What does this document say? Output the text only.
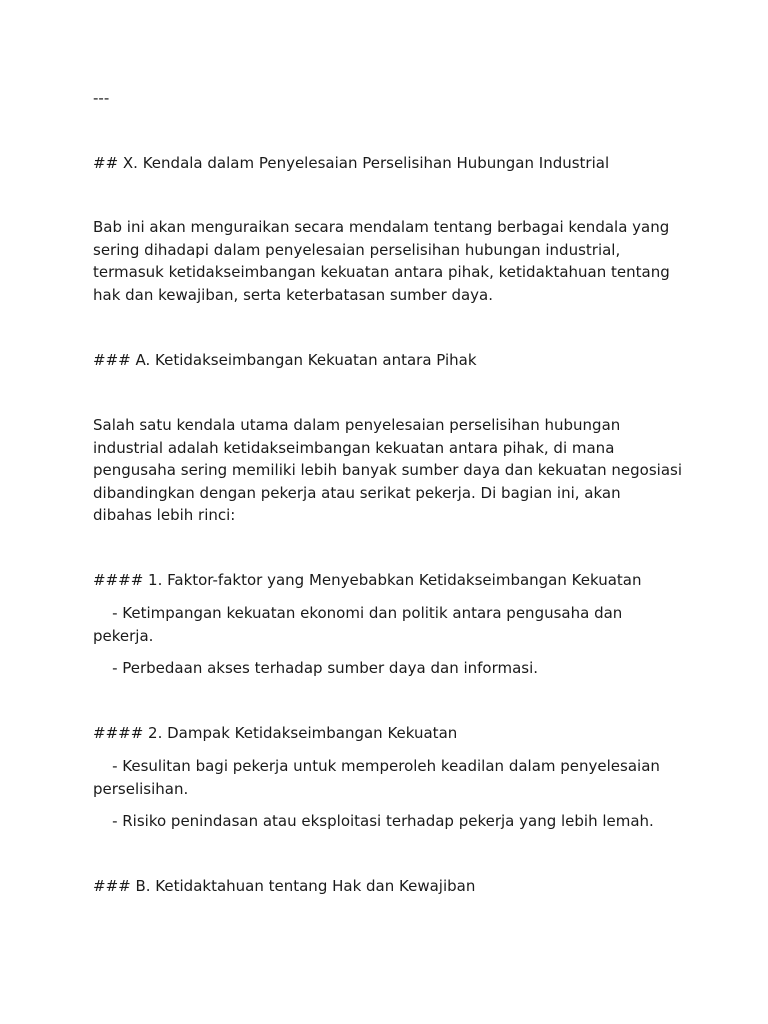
---

## X. Kendala dalam Penyelesaian Perselisihan Hubungan Industrial

Bab ini akan menguraikan secara mendalam tentang berbagai kendala yang sering dihadapi dalam penyelesaian perselisihan hubungan industrial, termasuk ketidakseimbangan kekuatan antara pihak, ketidaktahuan tentang hak dan kewajiban, serta keterbatasan sumber daya.

### A. Ketidakseimbangan Kekuatan antara Pihak

Salah satu kendala utama dalam penyelesaian perselisihan hubungan industrial adalah ketidakseimbangan kekuatan antara pihak, di mana pengusaha sering memiliki lebih banyak sumber daya dan kekuatan negosiasi dibandingkan dengan pekerja atau serikat pekerja. Di bagian ini, akan dibahas lebih rinci:

#### 1. Faktor-faktor yang Menyebabkan Ketidakseimbangan Kekuatan

- Ketimpangan kekuatan ekonomi dan politik antara pengusaha dan pekerja.

- Perbedaan akses terhadap sumber daya dan informasi.

#### 2. Dampak Ketidakseimbangan Kekuatan

- Kesulitan bagi pekerja untuk memperoleh keadilan dalam penyelesaian perselisihan.

- Risiko penindasan atau eksploitasi terhadap pekerja yang lebih lemah.

### B. Ketidaktahuan tentang Hak dan Kewajiban
